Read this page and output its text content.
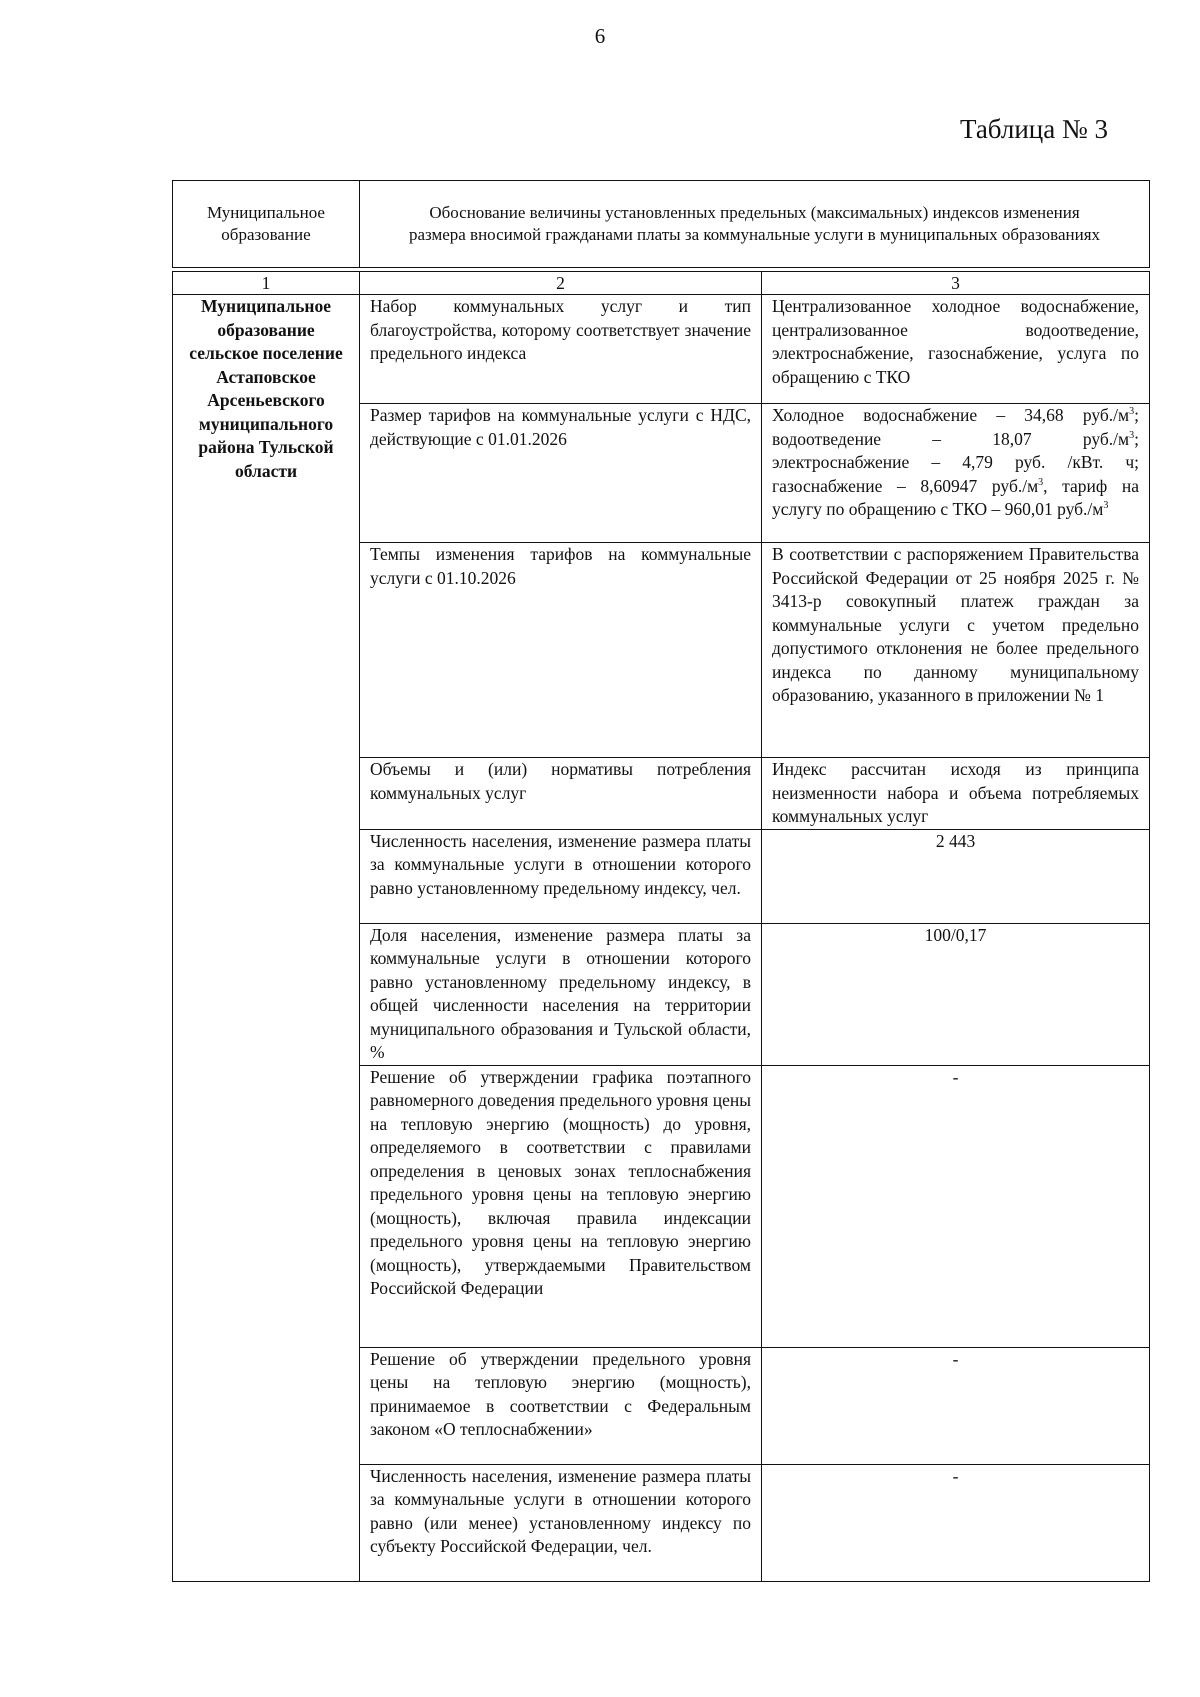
6
Таблица № 3
Муниципальное образование	Обоснование величины установленных предельных (максимальных) индексов изменения размера вносимой гражданами платы за коммунальные услуги в муниципальных образованиях
1	2	3
Муниципальное образование сельское поселение Астаповское Арсеньевского муниципального района Тульской области	Набор коммунальных услуг и тип благоустройства, которому соответствует значение предельного индекса	Централизованное холодное водоснабжение, централизованное водоотведение, электроснабжение, газоснабжение, услуга по обращению с ТКО
	Размер тарифов на коммунальные услуги с НДС, действующие с 01.01.2026	Холодное водоснабжение – 34,68 $руб./м^3$; водоотведение – 18,07 $руб./м^3$; электроснабжение – 4,79 руб. /кВт. ч; газоснабжение – 8,60947 $руб./м^3$, тариф на услугу по обращению с ТКО – 960,01 $руб./м^3$
	Темпы изменения тарифов на коммунальные услуги с 01.10.2026	В соответствии с распоряжением Правительства Российской Федерации от 25 ноября 2025 г. № 3413-р совокупный платеж граждан за коммунальные услуги с учетом предельно допустимого отклонения не более предельного индекса по данному муниципальному образованию, указанного в приложении № 1
	Объемы и (или) нормативы потребления коммунальных услуг	Индекс рассчитан исходя из принципа неизменности набора и объема потребляемых коммунальных услуг
	Численность населения, изменение размера платы за коммунальные услуги в отношении которого равно установленному предельному индексу, чел.	2 443
	Доля населения, изменение размера платы за коммунальные услуги в отношении которого равно установленному предельному индексу, в общей численности населения на территории муниципального образования и Тульской области, %	100/0,17
	Решение об утверждении графика поэтапного равномерного доведения предельного уровня цены на тепловую энергию (мощность) до уровня, определяемого в соответствии с правилами определения в ценовых зонах теплоснабжения предельного уровня цены на тепловую энергию (мощность), включая правила индексации предельного уровня цены на тепловую энергию (мощность), утверждаемыми Правительством Российской Федерации	-
	Решение об утверждении предельного уровня цены на тепловую энергию (мощность), принимаемое в соответствии с Федеральным законом «О теплоснабжении»	-
	Численность населения, изменение размера платы за коммунальные услуги в отношении которого равно (или менее) установленному индексу по субъекту Российской Федерации, чел.	-
